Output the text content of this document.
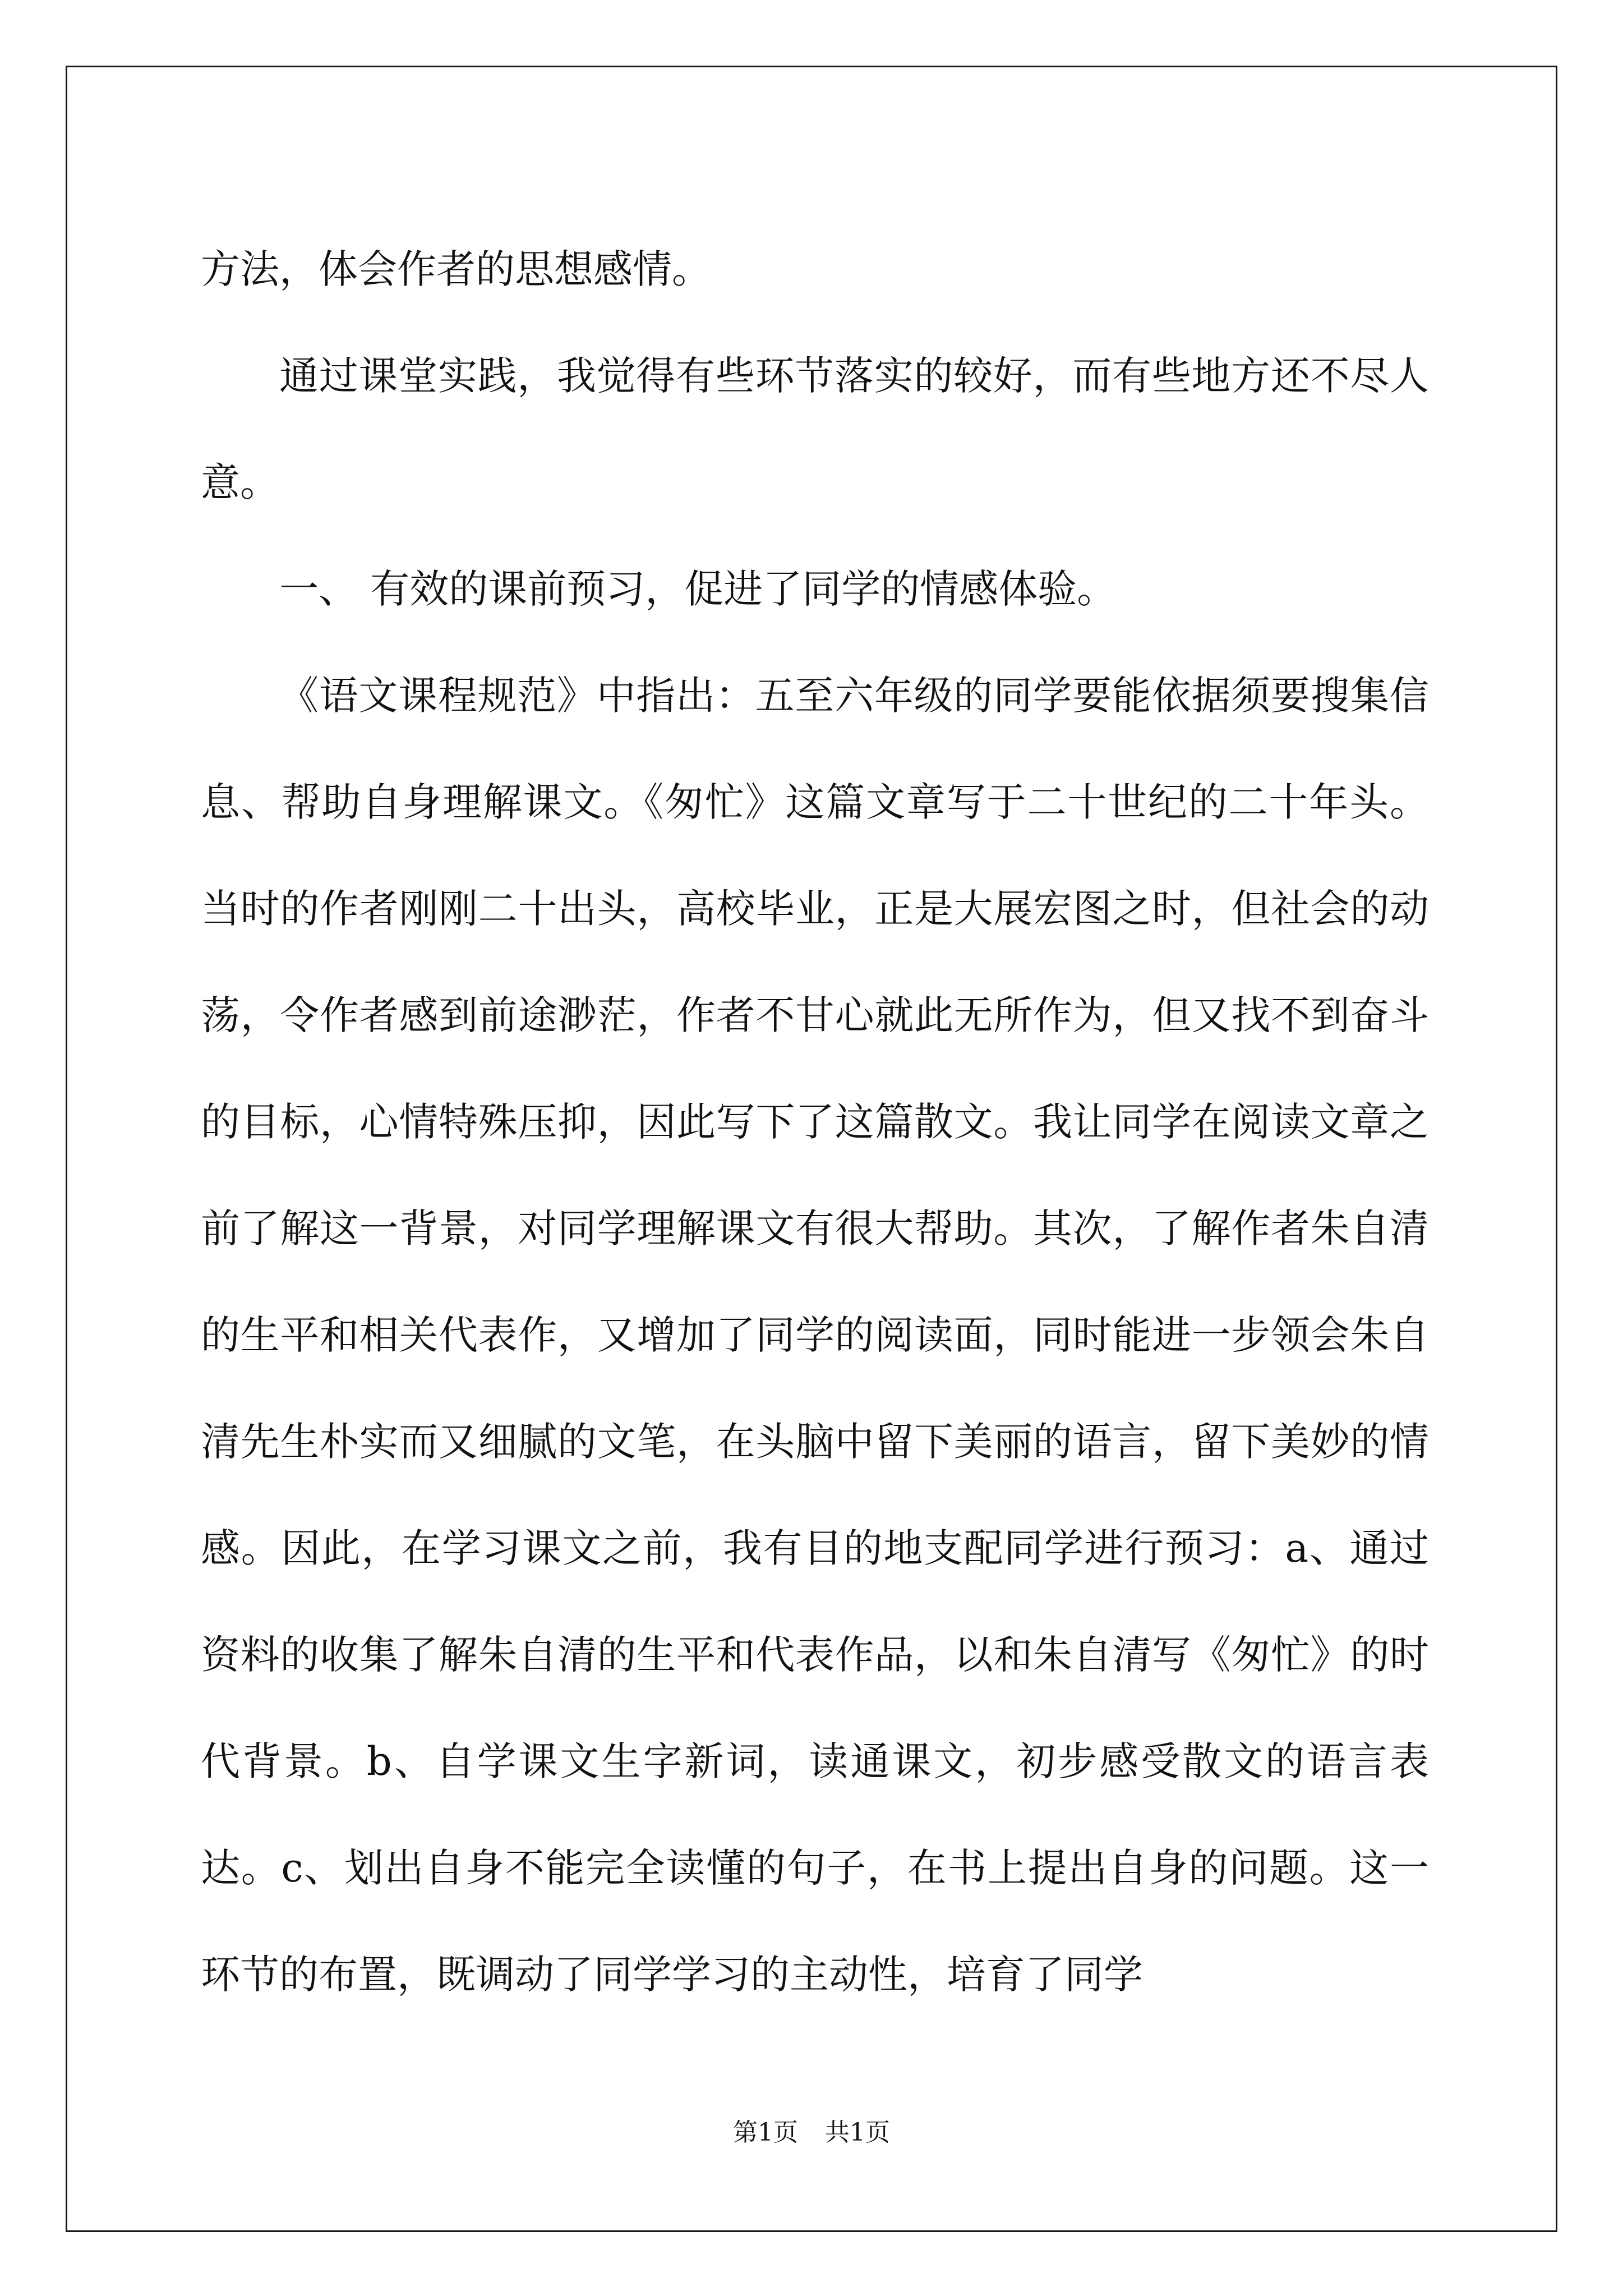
方法，体会作者的思想感情。

通过课堂实践，我觉得有些环节落实的较好，而有些地方还不尽人意。

一、 有效的课前预习，促进了同学的情感体验。

《语文课程规范》中指出：五至六年级的同学要能依据须要搜集信息、帮助自身理解课文。《匆忙》这篇文章写于二十世纪的二十年头。当时的作者刚刚二十出头，高校毕业，正是大展宏图之时，但社会的动荡，令作者感到前途渺茫，作者不甘心就此无所作为，但又找不到奋斗的目标，心情特殊压抑，因此写下了这篇散文。我让同学在阅读文章之前了解这一背景，对同学理解课文有很大帮助。其次，了解作者朱自清的生平和相关代表作，又增加了同学的阅读面，同时能进一步领会朱自清先生朴实而又细腻的文笔，在头脑中留下美丽的语言，留下美妙的情感。因此，在学习课文之前，我有目的地支配同学进行预习：a、通过资料的收集了解朱自清的生平和代表作品，以和朱自清写《匆忙》的时代背景。b、自学课文生字新词，读通课文，初步感受散文的语言表达。c、划出自身不能完全读懂的句子，在书上提出自身的问题。这一环节的布置，既调动了同学学习的主动性，培育了同学

第1页 共1页
